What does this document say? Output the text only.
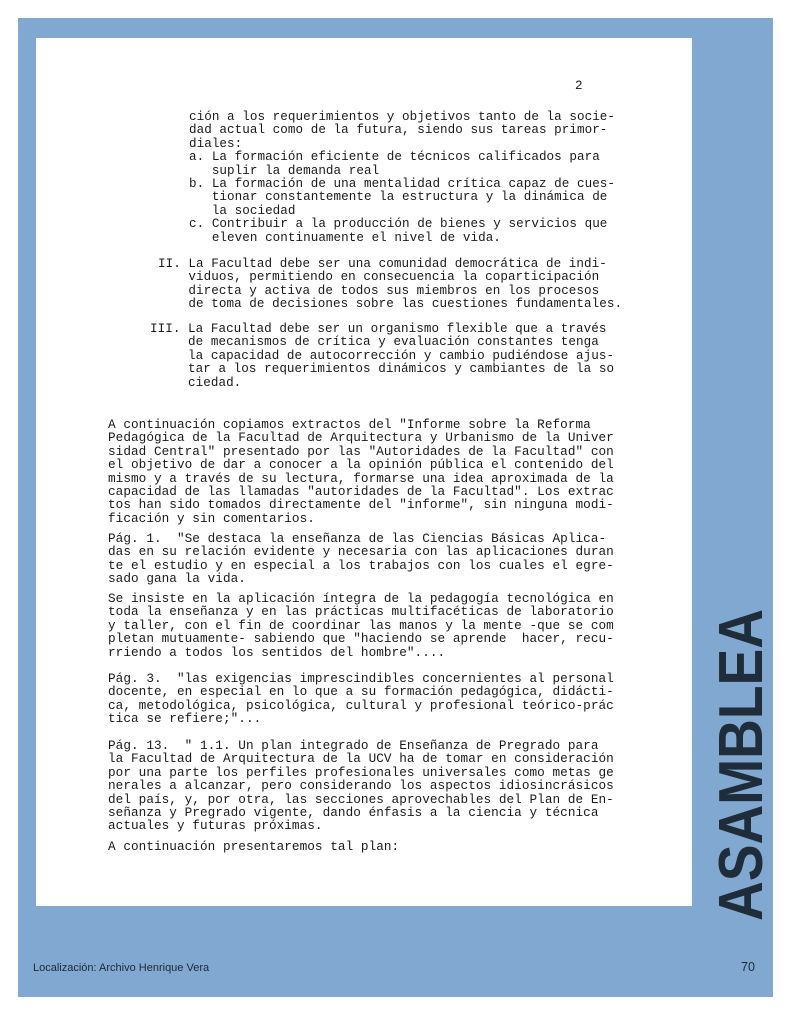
2
ción a los requerimientos y objetivos tanto de la socie-
dad actual como de la futura, siendo sus tareas primor-
diales:
a. La formación eficiente de técnicos calificados para
suplir la demanda real
b. La formación de una mentalidad crítica capaz de cues-
tionar constantemente la estructura y la dinámica de
la sociedad
c. Contribuir a la producción de bienes y servicios que
eleven continuamente el nivel de vida.
II. La Facultad debe ser una comunidad democrática de indi-
viduos, permitiendo en consecuencia la coparticipación
directa y activa de todos sus miembros en los procesos
de toma de decisiones sobre las cuestiones fundamentales.
III. La Facultad debe ser un organismo flexible que a través
de mecanismos de crítica y evaluación constantes tenga
la capacidad de autocorrección y cambio pudiéndose ajus-
tar a los requerimientos dinámicos y cambiantes de la so
ciedad.
A continuación copiamos extractos del "Informe sobre la Reforma
Pedagógica de la Facultad de Arquitectura y Urbanismo de la Univer
sidad Central" presentado por las "Autoridades de la Facultad" con
el objetivo de dar a conocer a la opinión pública el contenido del
mismo y a través de su lectura, formarse una idea aproximada de la
capacidad de las llamadas "autoridades de la Facultad". Los extrac
tos han sido tomados directamente del "informe", sin ninguna modi-
ficación y sin comentarios.
Pág. 1.  "Se destaca la enseñanza de las Ciencias Básicas Aplica-
das en su relación evidente y necesaria con las aplicaciones duran
te el estudio y en especial a los trabajos con los cuales el egre-
sado gana la vida.
Se insiste en la aplicación íntegra de la pedagogía tecnológica en
toda la enseñanza y en las prácticas multifacéticas de laboratorio
y taller, con el fin de coordinar las manos y la mente -que se com
pletan mutuamente- sabiendo que "haciendo se aprende  hacer, recu-
rriendo a todos los sentidos del hombre"....
Pág. 3.  "las exigencias imprescindibles concernientes al personal
docente, en especial en lo que a su formación pedagógica, didácti-
ca, metodológica, psicológica, cultural y profesional teórico-prác
tica se refiere;"...
Pág. 13.  " 1.1. Un plan integrado de Enseñanza de Pregrado para
la Facultad de Arquitectura de la UCV ha de tomar en consideración
por una parte los perfiles profesionales universales como metas ge
nerales a alcanzar, pero considerando los aspectos idiosincrásicos
del país, y, por otra, las secciones aprovechables del Plan de En-
señanza y Pregrado vigente, dando énfasis a la ciencia y técnica
actuales y futuras próximas.
A continuación presentaremos tal plan:	ASAMBLEA
Localización: Archivo Henrique Vera	70
